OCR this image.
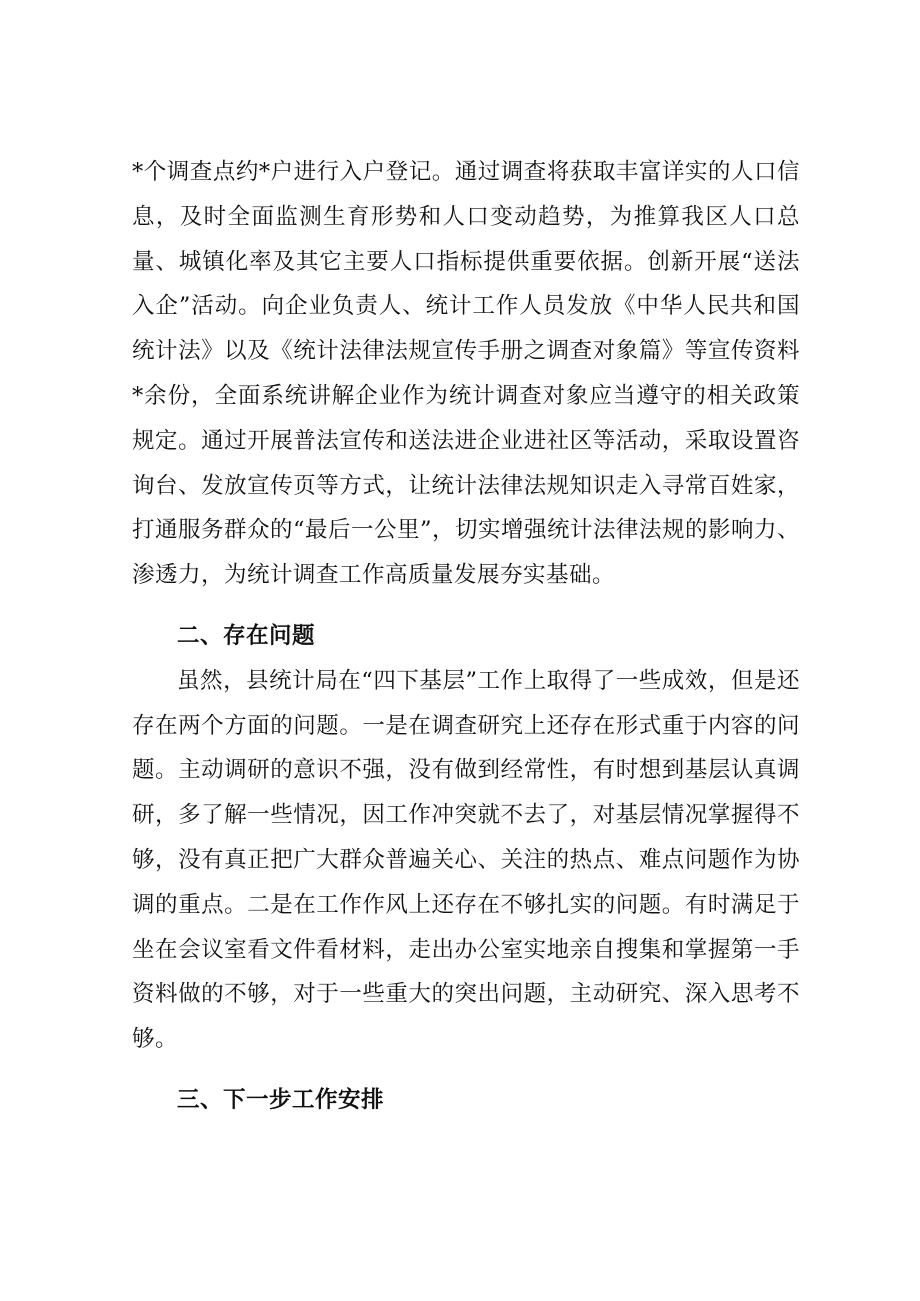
*个调查点约*户进行入户登记。通过调查将获取丰富详实的人口信息，及时全面监测生育形势和人口变动趋势，为推算我区人口总量、城镇化率及其它主要人口指标提供重要依据。创新开展“送法入企”活动。向企业负责人、统计工作人员发放《中华人民共和国统计法》以及《统计法律法规宣传手册之调查对象篇》等宣传资料*余份，全面系统讲解企业作为统计调查对象应当遵守的相关政策规定。通过开展普法宣传和送法进企业进社区等活动，采取设置咨询台、发放宣传页等方式，让统计法律法规知识走入寻常百姓家，打通服务群众的“最后一公里”，切实增强统计法律法规的影响力、渗透力，为统计调查工作高质量发展夯实基础。

二、存在问题

虽然，县统计局在“四下基层”工作上取得了一些成效，但是还存在两个方面的问题。一是在调查研究上还存在形式重于内容的问题。主动调研的意识不强，没有做到经常性，有时想到基层认真调研，多了解一些情况，因工作冲突就不去了，对基层情况掌握得不够，没有真正把广大群众普遍关心、关注的热点、难点问题作为协调的重点。二是在工作作风上还存在不够扎实的问题。有时满足于坐在会议室看文件看材料，走出办公室实地亲自搜集和掌握第一手资料做的不够，对于一些重大的突出问题，主动研究、深入思考不够。

三、下一步工作安排
